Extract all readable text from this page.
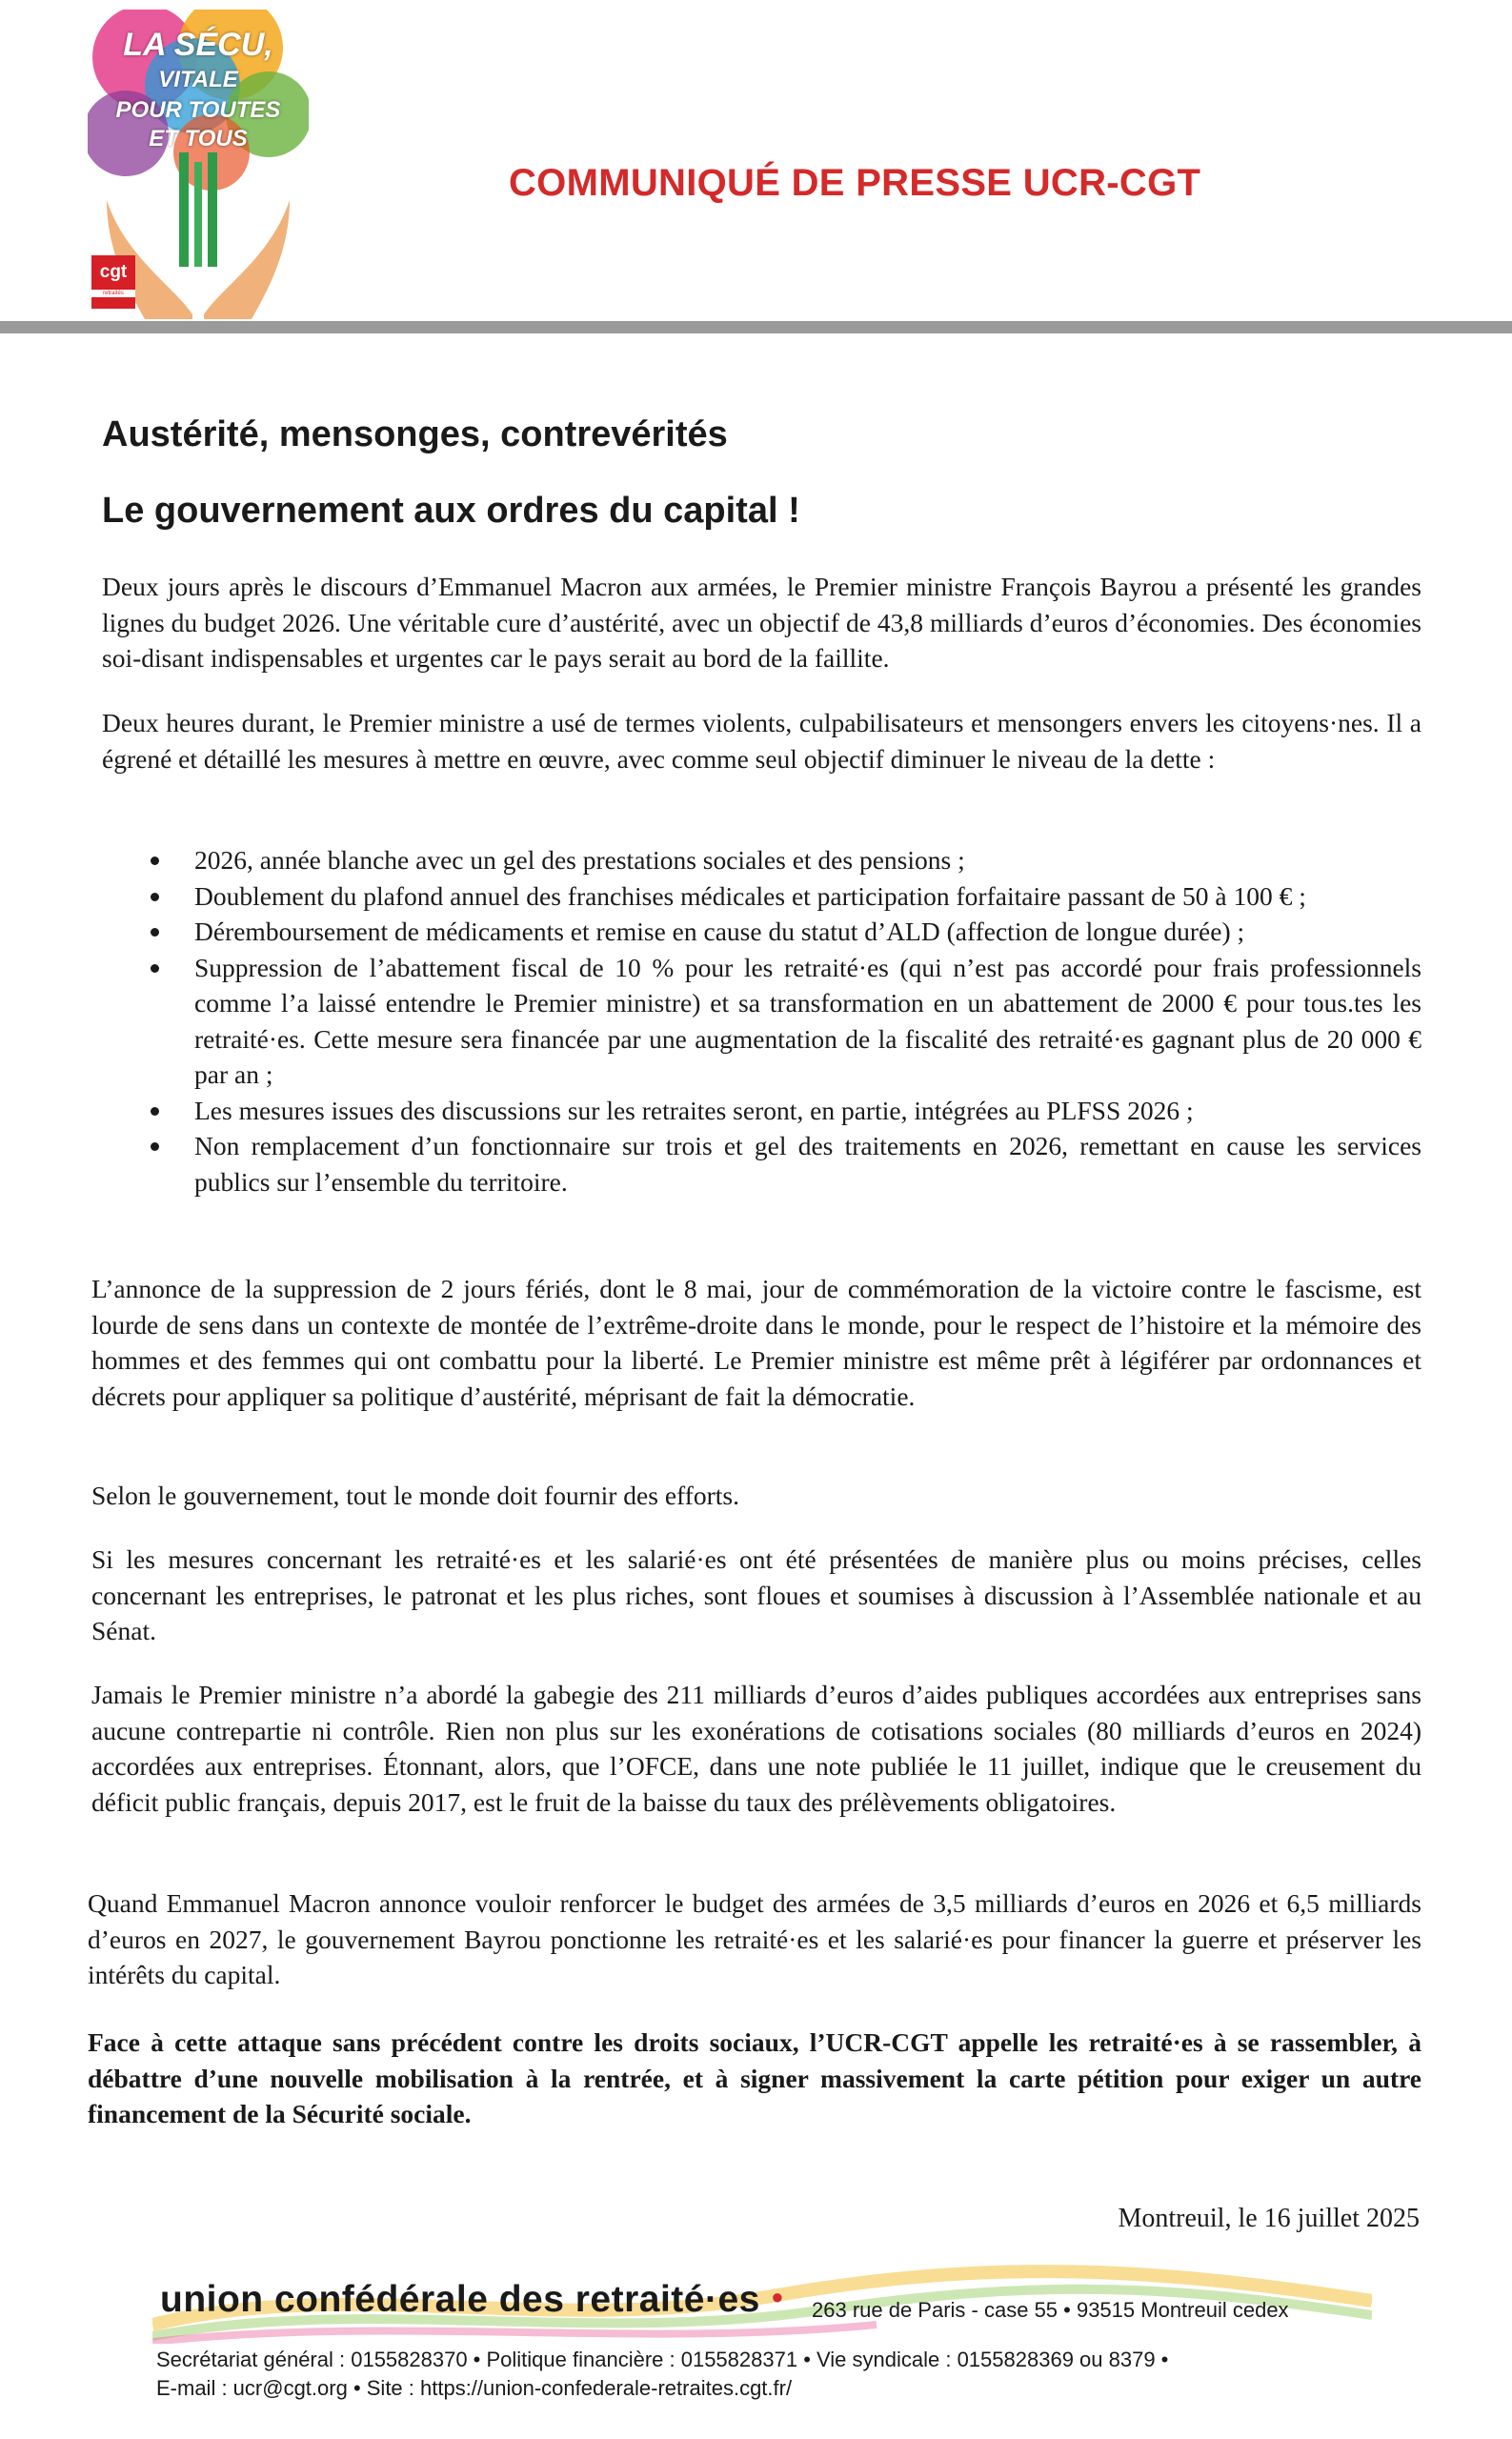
LA SÉCU,
VITALE
POUR TOUTES
ET TOUS
cgt
retraités
COMMUNIQUÉ DE PRESSE UCR-CGT
Austérité, mensonges, contrevérités
Le gouvernement aux ordres du capital !

Deux jours après le discours d’Emmanuel Macron aux armées, le Premier ministre François Bayrou a présenté les grandes lignes du budget 2026. Une véritable cure d’austérité, avec un objectif de 43,8 milliards d’euros d’économies. Des économies soi-disant indispensables et urgentes car le pays serait au bord de la faillite.

Deux heures durant, le Premier ministre a usé de termes violents, culpabilisateurs et mensongers envers les citoyens·nes. Il a égrené et détaillé les mesures à mettre en œuvre, avec comme seul objectif diminuer le niveau de la dette :

2026, année blanche avec un gel des prestations sociales et des pensions ;
Doublement du plafond annuel des franchises médicales et participation forfaitaire passant de 50 à 100 € ;
Déremboursement de médicaments et remise en cause du statut d’ALD (affection de longue durée) ;
Suppression de l’abattement fiscal de 10 % pour les retraité·es (qui n’est pas accordé pour frais professionnels comme l’a laissé entendre le Premier ministre) et sa transformation en un abattement de 2000 € pour tous.tes les retraité·es. Cette mesure sera financée par une augmentation de la fiscalité des retraité·es gagnant plus de 20 000 € par an ;
Les mesures issues des discussions sur les retraites seront, en partie, intégrées au PLFSS 2026 ;
Non remplacement d’un fonctionnaire sur trois et gel des traitements en 2026, remettant en cause les services publics sur l’ensemble du territoire.

L’annonce de la suppression de 2 jours fériés, dont le 8 mai, jour de commémoration de la victoire contre le fascisme, est lourde de sens dans un contexte de montée de l’extrême-droite dans le monde, pour le respect de l’histoire et la mémoire des hommes et des femmes qui ont combattu pour la liberté. Le Premier ministre est même prêt à légiférer par ordonnances et décrets pour appliquer sa politique d’austérité, méprisant de fait la démocratie.

Selon le gouvernement, tout le monde doit fournir des efforts.

Si les mesures concernant les retraité·es et les salarié·es ont été présentées de manière plus ou moins précises, celles concernant les entreprises, le patronat et les plus riches, sont floues et soumises à discussion à l’Assemblée nationale et au Sénat.

Jamais le Premier ministre n’a abordé la gabegie des 211 milliards d’euros d’aides publiques accordées aux entreprises sans aucune contrepartie ni contrôle. Rien non plus sur les exonérations de cotisations sociales (80 milliards d’euros en 2024) accordées aux entreprises. Étonnant, alors, que l’OFCE, dans une note publiée le 11 juillet, indique que le creusement du déficit public français, depuis 2017, est le fruit de la baisse du taux des prélèvements obligatoires.

Quand Emmanuel Macron annonce vouloir renforcer le budget des armées de 3,5 milliards d’euros en 2026 et 6,5 milliards d’euros en 2027, le gouvernement Bayrou ponctionne les retraité·es et les salarié·es pour financer la guerre et préserver les intérêts du capital.

Face à cette attaque sans précédent contre les droits sociaux, l’UCR-CGT appelle les retraité·es à se rassembler, à débattre d’une nouvelle mobilisation à la rentrée, et à signer massivement la carte pétition pour exiger un autre financement de la Sécurité sociale.

Montreuil, le 16 juillet 2025
union confédérale des retraité·es ●
263 rue de Paris - case 55 • 93515 Montreuil cedex
Secrétariat général : 0155828370 • Politique financière : 0155828371 • Vie syndicale : 0155828369 ou 8379 •
E-mail : ucr@cgt.org • Site : https://union-confederale-retraites.cgt.fr/
